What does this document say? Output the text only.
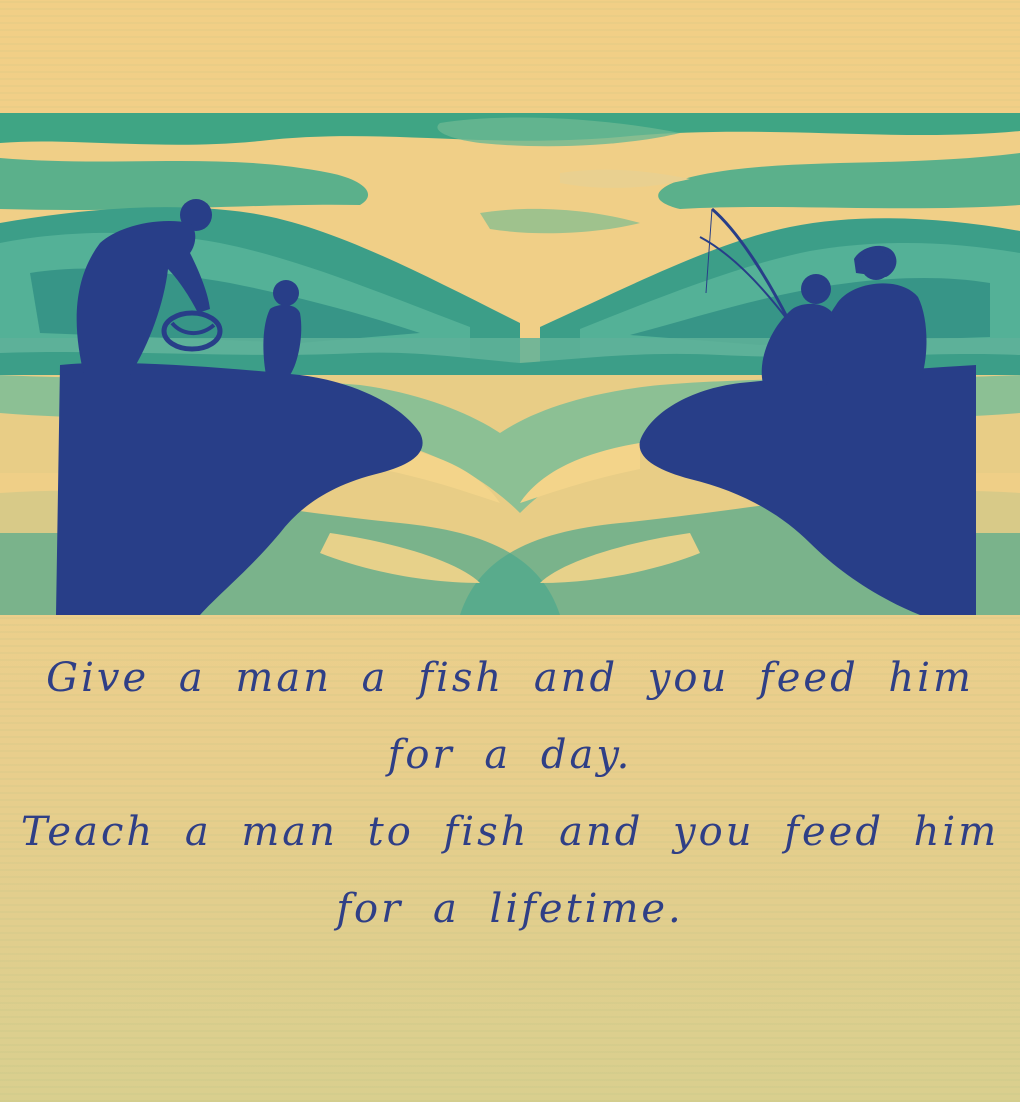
Give a man a fish and you feed him
for a day.
Teach a man to fish and you feed him
for a lifetime.
